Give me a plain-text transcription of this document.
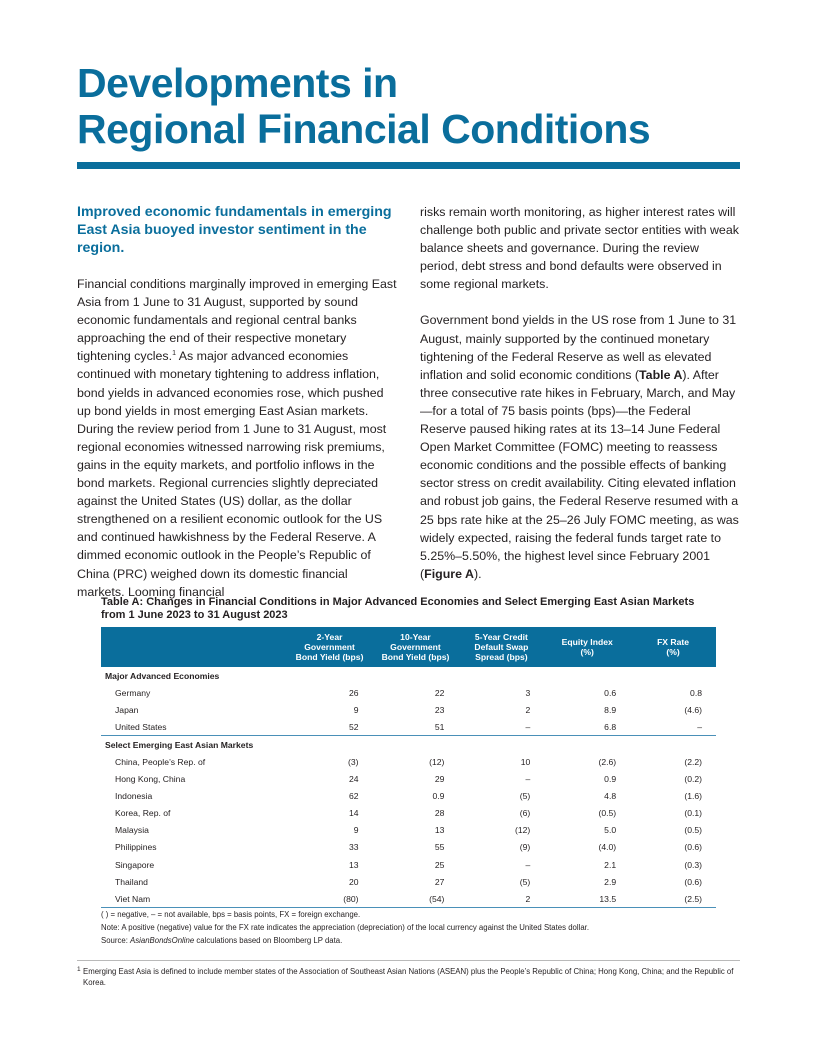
Developments in
Regional Financial Conditions

Improved economic fundamentals in emerging East Asia buoyed investor sentiment in the region.

Financial conditions marginally improved in emerging East Asia from 1 June to 31 August, supported by sound economic fundamentals and regional central banks approaching the end of their respective monetary tightening cycles.$^1$ As major advanced economies continued with monetary tightening to address inflation, bond yields in advanced economies rose, which pushed up bond yields in most emerging East Asian markets. During the review period from 1 June to 31 August, most regional economies witnessed narrowing risk premiums, gains in the equity markets, and portfolio inflows in the bond markets. Regional currencies slightly depreciated against the United States (US) dollar, as the dollar strengthened on a resilient economic outlook for the US and continued hawkishness by the Federal Reserve. A dimmed economic outlook in the People’s Republic of China (PRC) weighed down its domestic financial markets. Looming financial

risks remain worth monitoring, as higher interest rates will challenge both public and private sector entities with weak balance sheets and governance. During the review period, debt stress and bond defaults were observed in some regional markets.

Government bond yields in the US rose from 1 June to 31 August, mainly supported by the continued monetary tightening of the Federal Reserve as well as elevated inflation and solid economic conditions (Table A). After three consecutive rate hikes in February, March, and May—for a total of 75 basis points (bps)—the Federal Reserve paused hiking rates at its 13–14 June Federal Open Market Committee (FOMC) meeting to reassess economic conditions and the possible effects of banking sector stress on credit availability. Citing elevated inflation and robust job gains, the Federal Reserve resumed with a 25 bps rate hike at the 25–26 July FOMC meeting, as was widely expected, raising the federal funds target rate to 5.25%–5.50%, the highest level since February 2001 (Figure A).

Table A: Changes in Financial Conditions in Major Advanced Economies and Select Emerging East Asian Markets
from 1 June 2023 to 31 August 2023
	2-Year
Government
Bond Yield (bps)	10-Year
Government
Bond Yield (bps)	5-Year Credit
Default Swap
Spread (bps)	Equity Index
(%)	FX Rate
(%)
Major Advanced Economies					
Germany	26	22	3	0.6	0.8
Japan	9	23	2	8.9	(4.6)
United States	52	51	–	6.8	–
Select Emerging East Asian Markets					
China, People’s Rep. of	(3)	(12)	10	(2.6)	(2.2)
Hong Kong, China	24	29	–	0.9	(0.2)
Indonesia	62	0.9	(5)	4.8	(1.6)
Korea, Rep. of	14	28	(6)	(0.5)	(0.1)
Malaysia	9	13	(12)	5.0	(0.5)
Philippines	33	55	(9)	(4.0)	(0.6)
Singapore	13	25	–	2.1	(0.3)
Thailand	20	27	(5)	2.9	(0.6)
Viet Nam	(80)	(54)	2	13.5	(2.5)
( ) = negative, – = not available, bps = basis points, FX = foreign exchange.
Note: A positive (negative) value for the FX rate indicates the appreciation (depreciation) of the local currency against the United States dollar.
Source: AsianBondsOnline calculations based on Bloomberg LP data.
1 Emerging East Asia is defined to include member states of the Association of Southeast Asian Nations (ASEAN) plus the People’s Republic of China; Hong Kong, China; and the Republic of Korea.
